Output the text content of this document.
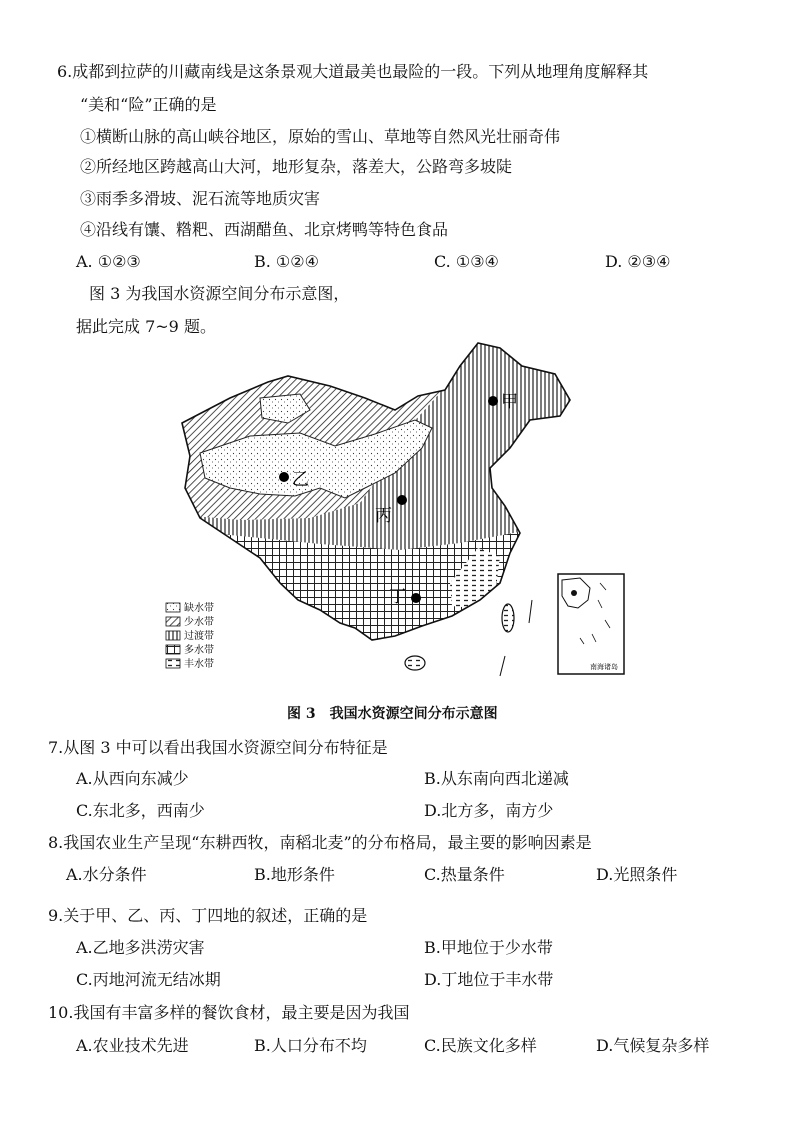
6.成都到拉萨的川藏南线是这条景观大道最美也最险的一段。下列从地理角度解释其
“美和“险”正确的是
①横断山脉的高山峡谷地区，原始的雪山、草地等自然风光壮丽奇伟
②所经地区跨越高山大河，地形复杂，落差大，公路弯多坡陡
③雨季多滑坡、泥石流等地质灾害
④沿线有馕、糌粑、西湖醋鱼、北京烤鸭等特色食品
A. ①②③	B. ①②④	C. ①③④	D. ②③④
图 3 为我国水资源空间分布示意图，
据此完成 7~9 题。
甲
乙
丙
丁
缺水带
少水带
过渡带
多水带
丰水带	南海诸岛
图 3　我国水资源空间分布示意图
7.从图 3 中可以看出我国水资源空间分布特征是
A.从西向东减少	B.从东南向西北递减
C.东北多，西南少	D.北方多，南方少
8.我国农业生产呈现“东耕西牧，南稻北麦”的分布格局，最主要的影响因素是
A.水分条件	B.地形条件	C.热量条件	D.光照条件
9.关于甲、乙、丙、丁四地的叙述，正确的是
A.乙地多洪涝灾害	B.甲地位于少水带
C.丙地河流无结冰期	D.丁地位于丰水带
10.我国有丰富多样的餐饮食材，最主要是因为我国
A.农业技术先进	B.人口分布不均	C.民族文化多样	D.气候复杂多样
